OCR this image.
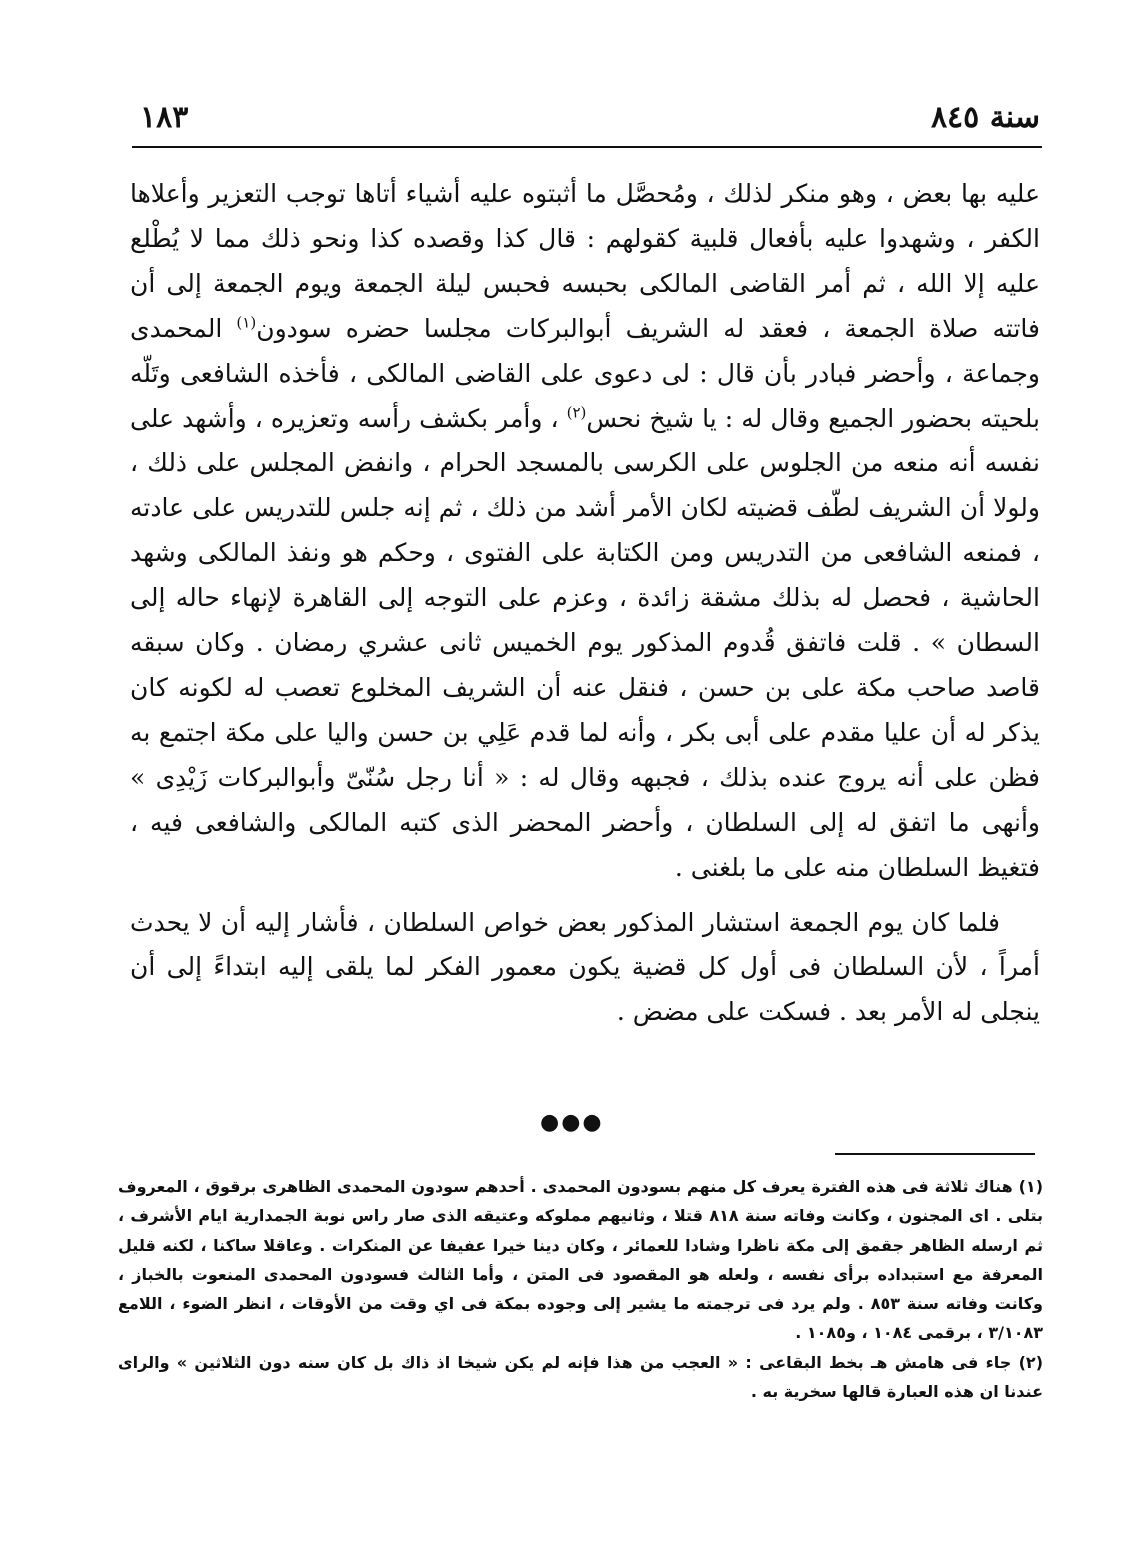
سنة ٨٤٥
١٨٣

عليه بها بعض ، وهو منكر لذلك ، ومُحصَّل ما أثبتوه عليه أشياء أتاها توجب التعزير وأعلاها الكفر ، وشهدوا عليه بأفعال قلبية كقولهم : قال كذا وقصده كذا ونحو ذلك مما لا يُطْلع عليه إلا الله ، ثم أمر القاضى المالكى بحبسه فحبس ليلة الجمعة ويوم الجمعة إلى أن فاتته صلاة الجمعة ، فعقد له الشريف أبوالبركات مجلسا حضره سودون$^{(١)}$ المحمدى وجماعة ، وأحضر فبادر بأن قال : لى دعوى على القاضى المالكى ، فأخذه الشافعى وتَلّه بلحيته بحضور الجميع وقال له : يا شيخ نحس$^{(٢)}$ ، وأمر بكشف رأسه وتعزيره ، وأشهد على نفسه أنه منعه من الجلوس على الكرسى بالمسجد الحرام ، وانفض المجلس على ذلك ، ولولا أن الشريف لطّف قضيته لكان الأمر أشد من ذلك ، ثم إنه جلس للتدريس على عادته ، فمنعه الشافعى من التدريس ومن الكتابة على الفتوى ، وحكم هو ونفذ المالكى وشهد الحاشية ، فحصل له بذلك مشقة زائدة ، وعزم على التوجه إلى القاهرة لإنهاء حاله إلى السطان » . قلت فاتفق قُدوم المذكور يوم الخميس ثانى عشري رمضان . وكان سبقه قاصد صاحب مكة على بن حسن ، فنقل عنه أن الشريف المخلوع تعصب له لكونه كان يذكر له أن عليا مقدم على أبى بكر ، وأنه لما قدم عَلِي بن حسن واليا على مكة اجتمع به فظن على أنه يروج عنده بذلك ، فجبهه وقال له : « أنا رجل سُنّىّ وأبوالبركات زَيْدِى » وأنهى ما اتفق له إلى السلطان ، وأحضر المحضر الذى كتبه المالكى والشافعى فيه ، فتغيظ السلطان منه على ما بلغنى .

فلما كان يوم الجمعة استشار المذكور بعض خواص السلطان ، فأشار إليه أن لا يحدث أمراً ، لأن السلطان فى أول كل قضية يكون معمور الفكر لما يلقى إليه ابتداءً إلى أن ينجلى له الأمر بعد . فسكت على مضض .

●●●

(١) هناك ثلاثة فى هذه الفترة يعرف كل منهم بسودون المحمدى . أحدهم سودون المحمدى الظاهرى برقوق ، المعروف بتلى . اى المجنون ، وكانت وفاته سنة ٨١٨ قتلا ، وثانيهم مملوكه وعتيقه الذى صار راس نوبة الجمدارية ايام الأشرف ، ثم ارسله الظاهر جقمق إلى مكة ناظرا وشادا للعمائر ، وكان دينا خيرا عفيفا عن المنكرات . وعاقلا ساكنا ، لكنه قليل المعرفة مع استبداده برأى نفسه ، ولعله هو المقصود فى المتن ، وأما الثالث فسودون المحمدى المنعوت بالخباز ، وكانت وفاته سنة ٨٥٣ . ولم يرد فى ترجمته ما يشير إلى وجوده بمكة فى اي وقت من الأوقات ، انظر الضوء ، اللامع ٣/١٠٨٣ ، برقمى ١٠٨٤ ، و١٠٨٥ .

(٢) جاء فى هامش هـ بخط البقاعى : « العجب من هذا فإنه لم يكن شيخا اذ ذاك بل كان سنه دون الثلاثين » والراى عندنا ان هذه العبارة قالها سخرية به .
